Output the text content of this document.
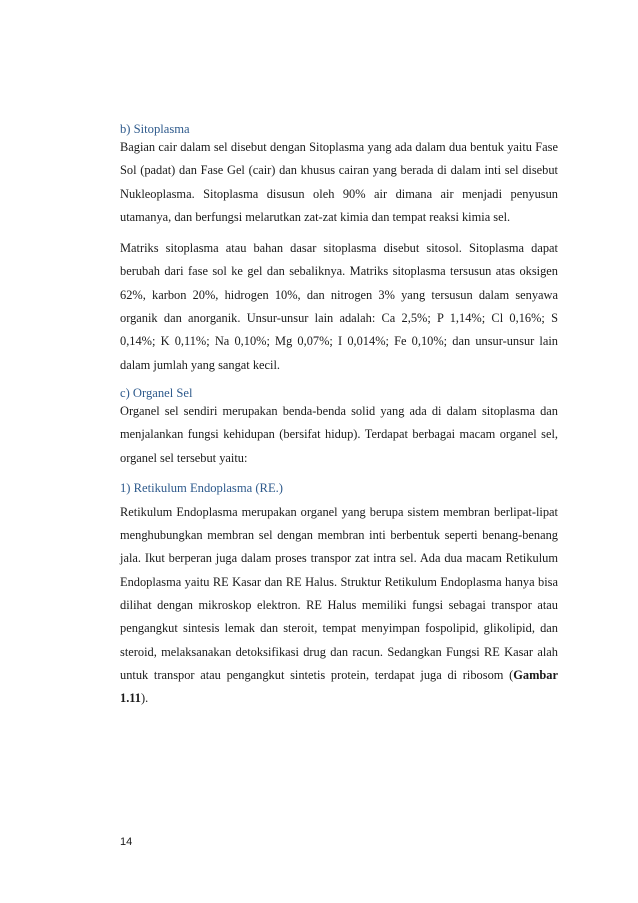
b) Sitoplasma

Bagian cair dalam sel disebut dengan Sitoplasma yang ada dalam dua bentuk yaitu Fase Sol (padat) dan Fase Gel (cair) dan khusus cairan yang berada di dalam inti sel disebut Nukleoplasma. Sitoplasma disusun oleh 90% air dimana air menjadi penyusun utamanya, dan berfungsi melarutkan zat-zat kimia dan tempat reaksi kimia sel.

Matriks sitoplasma atau bahan dasar sitoplasma disebut sitosol. Sitoplasma dapat berubah dari fase sol ke gel dan sebaliknya. Matriks sitoplasma tersusun atas oksigen 62%, karbon 20%, hidrogen 10%, dan nitrogen 3% yang tersusun dalam senyawa organik dan anorganik. Unsur-unsur lain adalah: Ca 2,5%; P 1,14%; Cl 0,16%; S 0,14%; K 0,11%; Na 0,10%; Mg 0,07%; I 0,014%; Fe 0,10%; dan unsur-unsur lain dalam jumlah yang sangat kecil.

c) Organel Sel

Organel sel sendiri merupakan benda-benda solid yang ada di dalam sitoplasma dan menjalankan fungsi kehidupan (bersifat hidup). Terdapat berbagai macam organel sel, organel sel tersebut yaitu:

1) Retikulum Endoplasma (RE.)

Retikulum Endoplasma merupakan organel yang berupa sistem membran berlipat-lipat menghubungkan membran sel dengan membran inti berbentuk seperti benang-benang jala. Ikut berperan juga dalam proses transpor zat intra sel. Ada dua macam Retikulum Endoplasma yaitu RE Kasar dan RE Halus. Struktur Retikulum Endoplasma hanya bisa dilihat dengan mikroskop elektron. RE Halus memiliki fungsi sebagai transpor atau pengangkut sintesis lemak dan steroit, tempat menyimpan fospolipid, glikolipid, dan steroid, melaksanakan detoksifikasi drug dan racun. Sedangkan Fungsi RE Kasar alah untuk transpor atau pengangkut sintetis protein, terdapat juga di ribosom (Gambar 1.11).

14
